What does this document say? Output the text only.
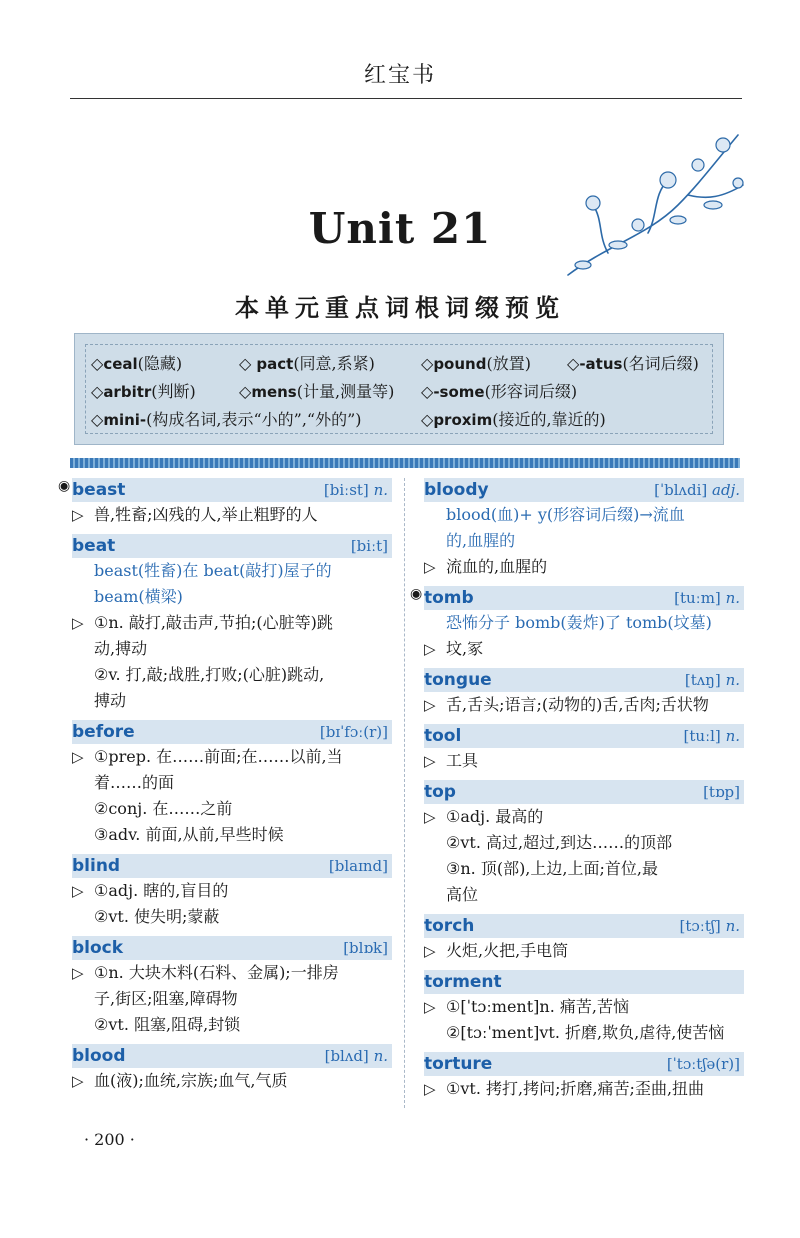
红宝书
Unit 21
本单元重点词根词缀预览
◇ceal(隐藏)	◇ pact(同意,系紧)	◇pound(放置) ◇-atus(名词后缀)
◇arbitr(判断)	◇mens(计量,测量等) ◇-some(形容词后缀)
◇mini-(构成名词,表示“小的”,“外的”)	◇proxim(接近的,靠近的)
◉ beast	[biːst] n.
▷ 兽,牲畜;凶残的人,举止粗野的人
beat	[biːt]
beast(牲畜)在 beat(敲打)屋子的
beam(横梁)
▷ ①n. 敲打,敲击声,节拍;(心脏等)跳
动,搏动
②v. 打,敲;战胜,打败;(心脏)跳动,
搏动
before	[bɪˈfɔː(r)]
▷ ①prep. 在……前面;在……以前,当
着……的面
②conj. 在……之前
③adv. 前面,从前,早些时候
blind	[blaɪnd]
▷ ①adj. 瞎的,盲目的
②vt. 使失明;蒙蔽
block	[blɒk]
▷ ①n. 大块木料(石料、金属);一排房
子,街区;阻塞,障碍物
②vt. 阻塞,阻碍,封锁
blood	[blʌd] n.
▷ 血(液);血统,宗族;血气,气质
bloody	[ˈblʌdi] adj.
blood(血)+ y(形容词后缀)→流血
的,血腥的
▷ 流血的,血腥的
◉ tomb	[tuːm] n.
恐怖分子 bomb(轰炸)了 tomb(坟墓)
▷ 坟,冢
tongue	[tʌŋ] n.
▷ 舌,舌头;语言;(动物的)舌,舌肉;舌状物
tool	[tuːl] n.
▷ 工具
top	[tɒp]
▷ ①adj. 最高的
②vt. 高过,超过,到达……的顶部
③n. 顶(部),上边,上面;首位,最
高位
torch	[tɔːtʃ] n.
▷ 火炬,火把,手电筒
torment
▷ ①[ˈtɔːment]n. 痛苦,苦恼
②[tɔːˈment]vt. 折磨,欺负,虐待,使苦恼
torture	[ˈtɔːtʃə(r)]
▷ ①vt. 拷打,拷问;折磨,痛苦;歪曲,扭曲
· 200 ·
